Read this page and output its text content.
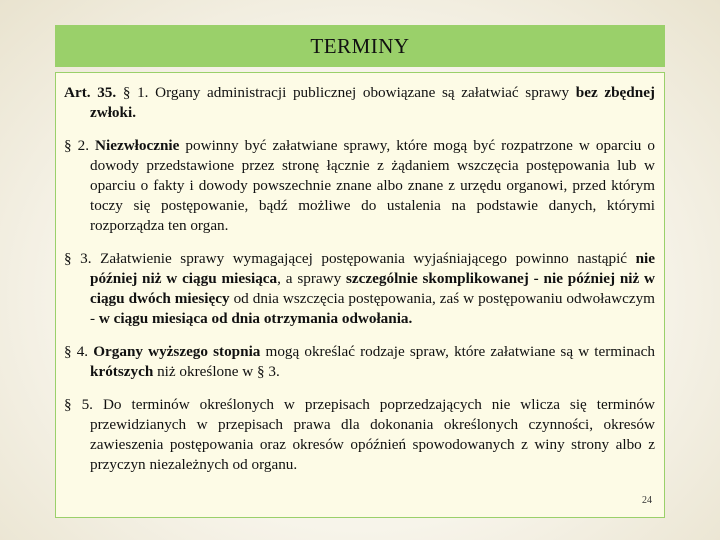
TERMINY

Art. 35. § 1. Organy administracji publicznej obowiązane są załatwiać sprawy bez zbędnej zwłoki.

§ 2. Niezwłocznie powinny być załatwiane sprawy, które mogą być rozpatrzone w oparciu o dowody przedstawione przez stronę łącznie z żądaniem wszczęcia postępowania lub w oparciu o fakty i dowody powszechnie znane albo znane z urzędu organowi, przed którym toczy się postępowanie, bądź możliwe do ustalenia na podstawie danych, którymi rozporządza ten organ.

§ 3. Załatwienie sprawy wymagającej postępowania wyjaśniającego powinno nastąpić nie później niż w ciągu miesiąca, a sprawy szczególnie skomplikowanej - nie później niż w ciągu dwóch miesięcy od dnia wszczęcia postępowania, zaś w postępowaniu odwoławczym - w ciągu miesiąca od dnia otrzymania odwołania.

§ 4. Organy wyższego stopnia mogą określać rodzaje spraw, które załatwiane są w terminach krótszych niż określone w § 3.

§ 5. Do terminów określonych w przepisach poprzedzających nie wlicza się terminów przewidzianych w przepisach prawa dla dokonania określonych czynności, okresów zawieszenia postępowania oraz okresów opóźnień spowodowanych z winy strony albo z przyczyn niezależnych od organu.

24
